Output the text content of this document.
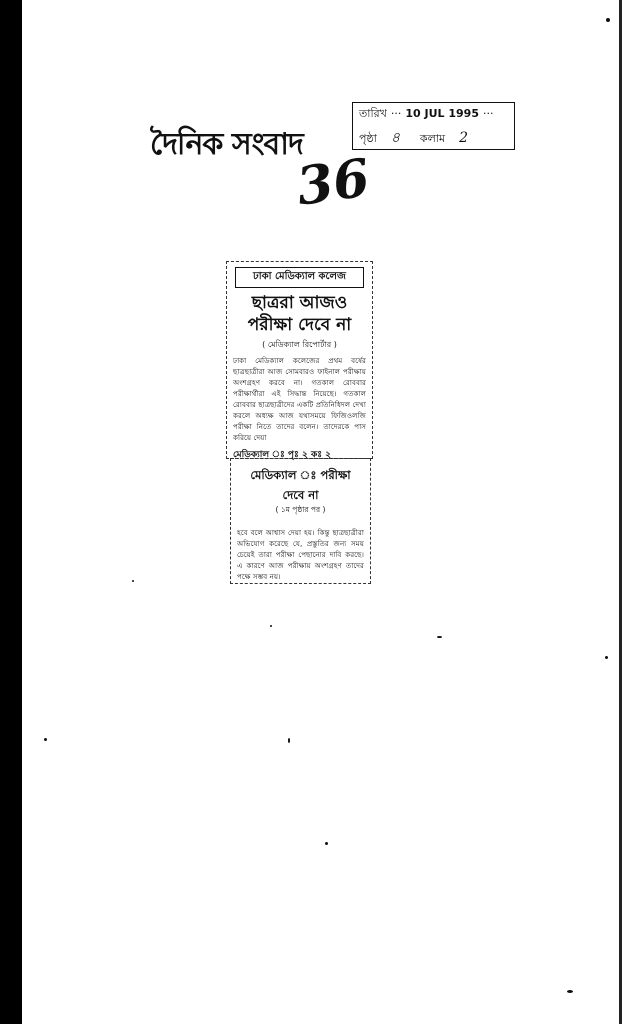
দৈনিক সংবাদ
তারিখ ··· 10 JUL 1995 ···
পৃষ্ঠা ৪ কলাম 2
36
ঢাকা মেডিক্যাল কলেজ
ছাত্ররা আজও
পরীক্ষা দেবে না
( মেডিক্যাল রিপোর্টার )
ঢাকা মেডিক্যাল কলেজের প্রথম বর্ষের ছাত্রছাত্রীরা আজ সোমবারও ফাইনাল পরীক্ষায় অংশগ্রহণ করবে না। গতকাল রোববার পরীক্ষার্থীরা এই সিদ্ধান্ত নিয়েছে। গতকাল রোববার ছাত্রছাত্রীদের একটি প্রতিনিধিদল দেখা করলে অধ্যক্ষ আজ যথাসময়ে ফিজিওলজি পরীক্ষা নিতে তাদের বলেন। তাদেরকে পাস করিয়ে দেয়া
মেডিক্যাল ঃ পৃঃ ২ কঃ ২
মেডিক্যাল ঃ পরীক্ষা
দেবে না
( ১ম পৃষ্ঠার পর )
হবে বলে আশ্বাস দেয়া হয়। কিন্তু ছাত্রছাত্রীরা অভিযোগ করেছে যে, প্রস্তুতির জন্য সময় চেয়েই তারা পরীক্ষা পেছানোর দাবি করছে। এ কারণে আজ পরীক্ষায় অংশগ্রহণ তাদের পক্ষে সম্ভব নয়।
